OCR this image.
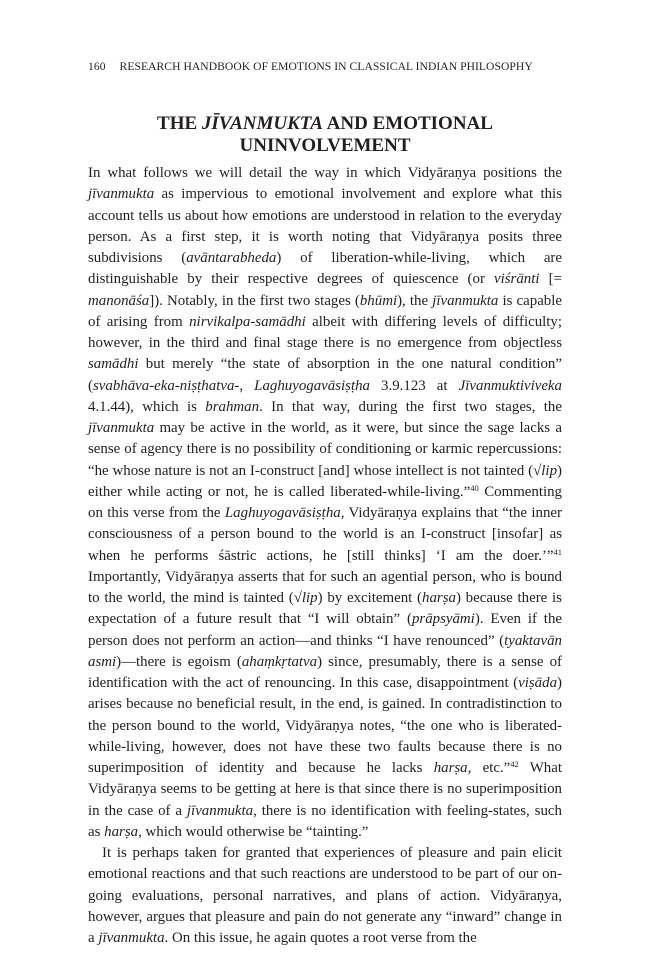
160 RESEARCH HANDBOOK OF EMOTIONS IN CLASSICAL INDIAN PHILOSOPHY
THE JĪVANMUKTA AND EMOTIONAL
UNINVOLVEMENT

In what follows we will detail the way in which Vidyāraṇya positions the jīvanmukta as impervious to emotional involvement and explore what this account tells us about how emotions are understood in relation to the everyday person. As a first step, it is worth noting that Vidyāraṇya posits three subdivisions (avāntarabheda) of liberation-while-living, which are distinguishable by their respective degrees of quiescence (or viśrānti [= manonāśa]). Notably, in the first two stages (bhūmi), the jīvanmukta is capable of arising from nirvikalpa-samādhi albeit with differing levels of difficulty; however, in the third and final stage there is no emergence from objectless samādhi but merely “the state of absorption in the one natural condition” (svabhāva-eka-niṣṭhatva-, Laghuyogavāsiṣṭha 3.9.123 at Jīvanmuktiviveka 4.1.44), which is brahman. In that way, during the first two stages, the jīvanmukta may be active in the world, as it were, but since the sage lacks a sense of agency there is no possibility of conditioning or karmic repercussions: “he whose nature is not an I-construct [and] whose intellect is not tainted (√lip) either while acting or not, he is called liberated-while-living.”$^{40}$ Commenting on this verse from the Laghuyogavāsiṣṭha, Vidyāraṇya explains that “the inner consciousness of a person bound to the world is an I-construct [insofar] as when he performs śāstric actions, he [still thinks] ‘I am the doer.’”$^{41}$ Importantly, Vidyāraṇya asserts that for such an agential person, who is bound to the world, the mind is tainted (√lip) by excitement (harṣa) because there is expectation of a future result that “I will obtain” (prāpsyāmi). Even if the person does not perform an action—and thinks “I have renounced” (tyaktavān asmi)—there is egoism (ahaṃkṛtatva) since, presumably, there is a sense of identification with the act of renouncing. In this case, disappointment (viṣāda) arises because no beneficial result, in the end, is gained. In contradistinction to the person bound to the world, Vidyāraṇya notes, “the one who is liberated-while-living, however, does not have these two faults because there is no superimposition of identity and because he lacks harṣa, etc.”$^{42}$ What Vidyāraṇya seems to be getting at here is that since there is no superimposition in the case of a jīvanmukta, there is no identification with feeling-states, such as harṣa, which would otherwise be “tainting.”

It is perhaps taken for granted that experiences of pleasure and pain elicit emotional reactions and that such reactions are understood to be part of our on-going evaluations, personal narratives, and plans of action. Vidyāraṇya, however, argues that pleasure and pain do not generate any “inward” change in a jīvanmukta. On this issue, he again quotes a root verse from the
